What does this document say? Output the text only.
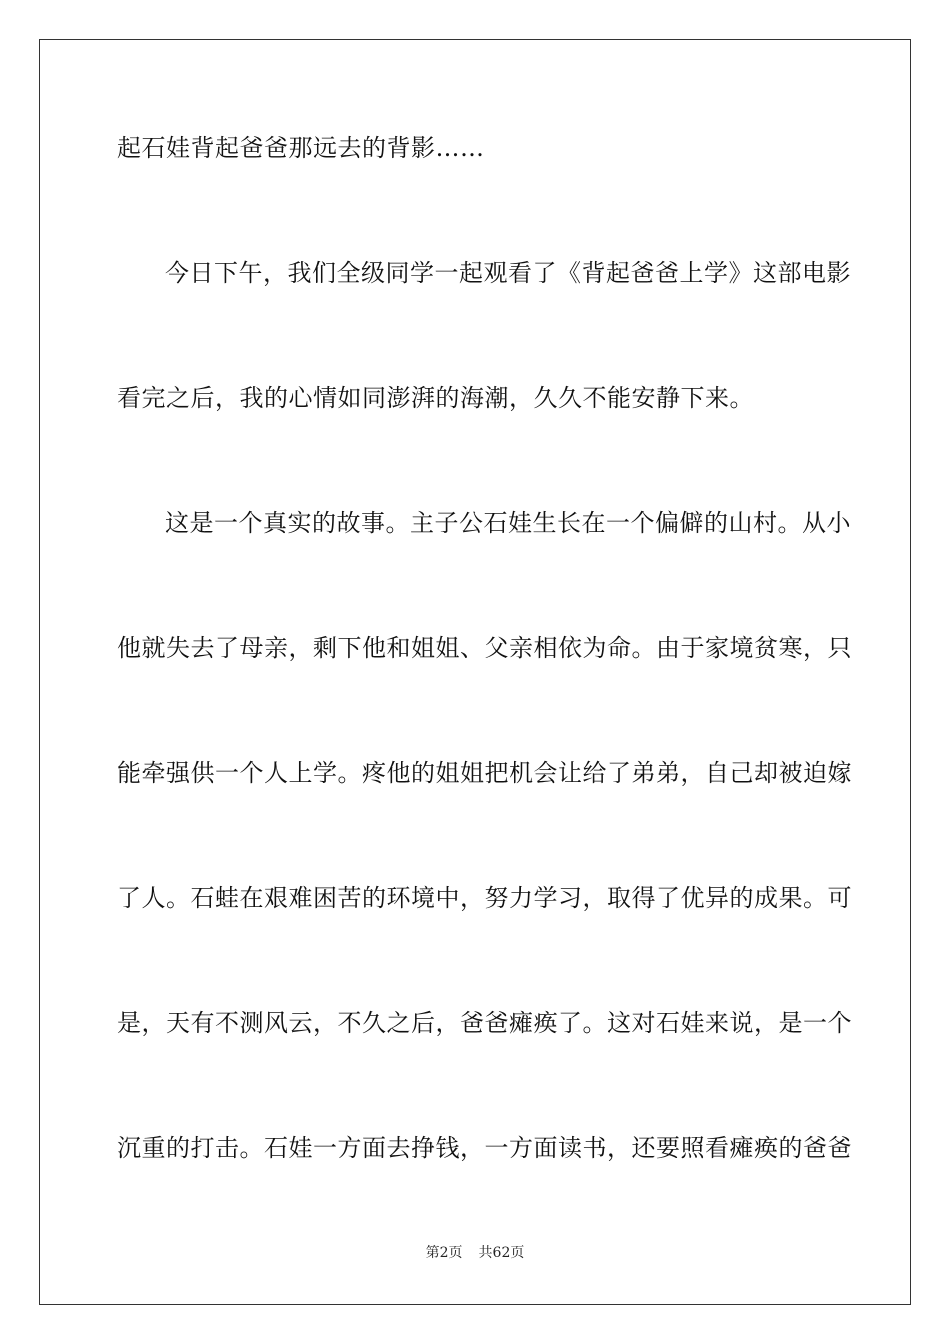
起石娃背起爸爸那远去的背影……
今日下午，我们全级同学一起观看了《背起爸爸上学》这部电影
看完之后，我的心情如同澎湃的海潮，久久不能安静下来。
这是一个真实的故事。主子公石娃生长在一个偏僻的山村。从小
他就失去了母亲，剩下他和姐姐、父亲相依为命。由于家境贫寒，只
能牵强供一个人上学。疼他的姐姐把机会让给了弟弟，自己却被迫嫁
了人。石蛙在艰难困苦的环境中，努力学习，取得了优异的成果。可
是，天有不测风云，不久之后，爸爸瘫痪了。这对石娃来说，是一个
沉重的打击。石娃一方面去挣钱，一方面读书，还要照看瘫痪的爸爸
第2页 共62页
